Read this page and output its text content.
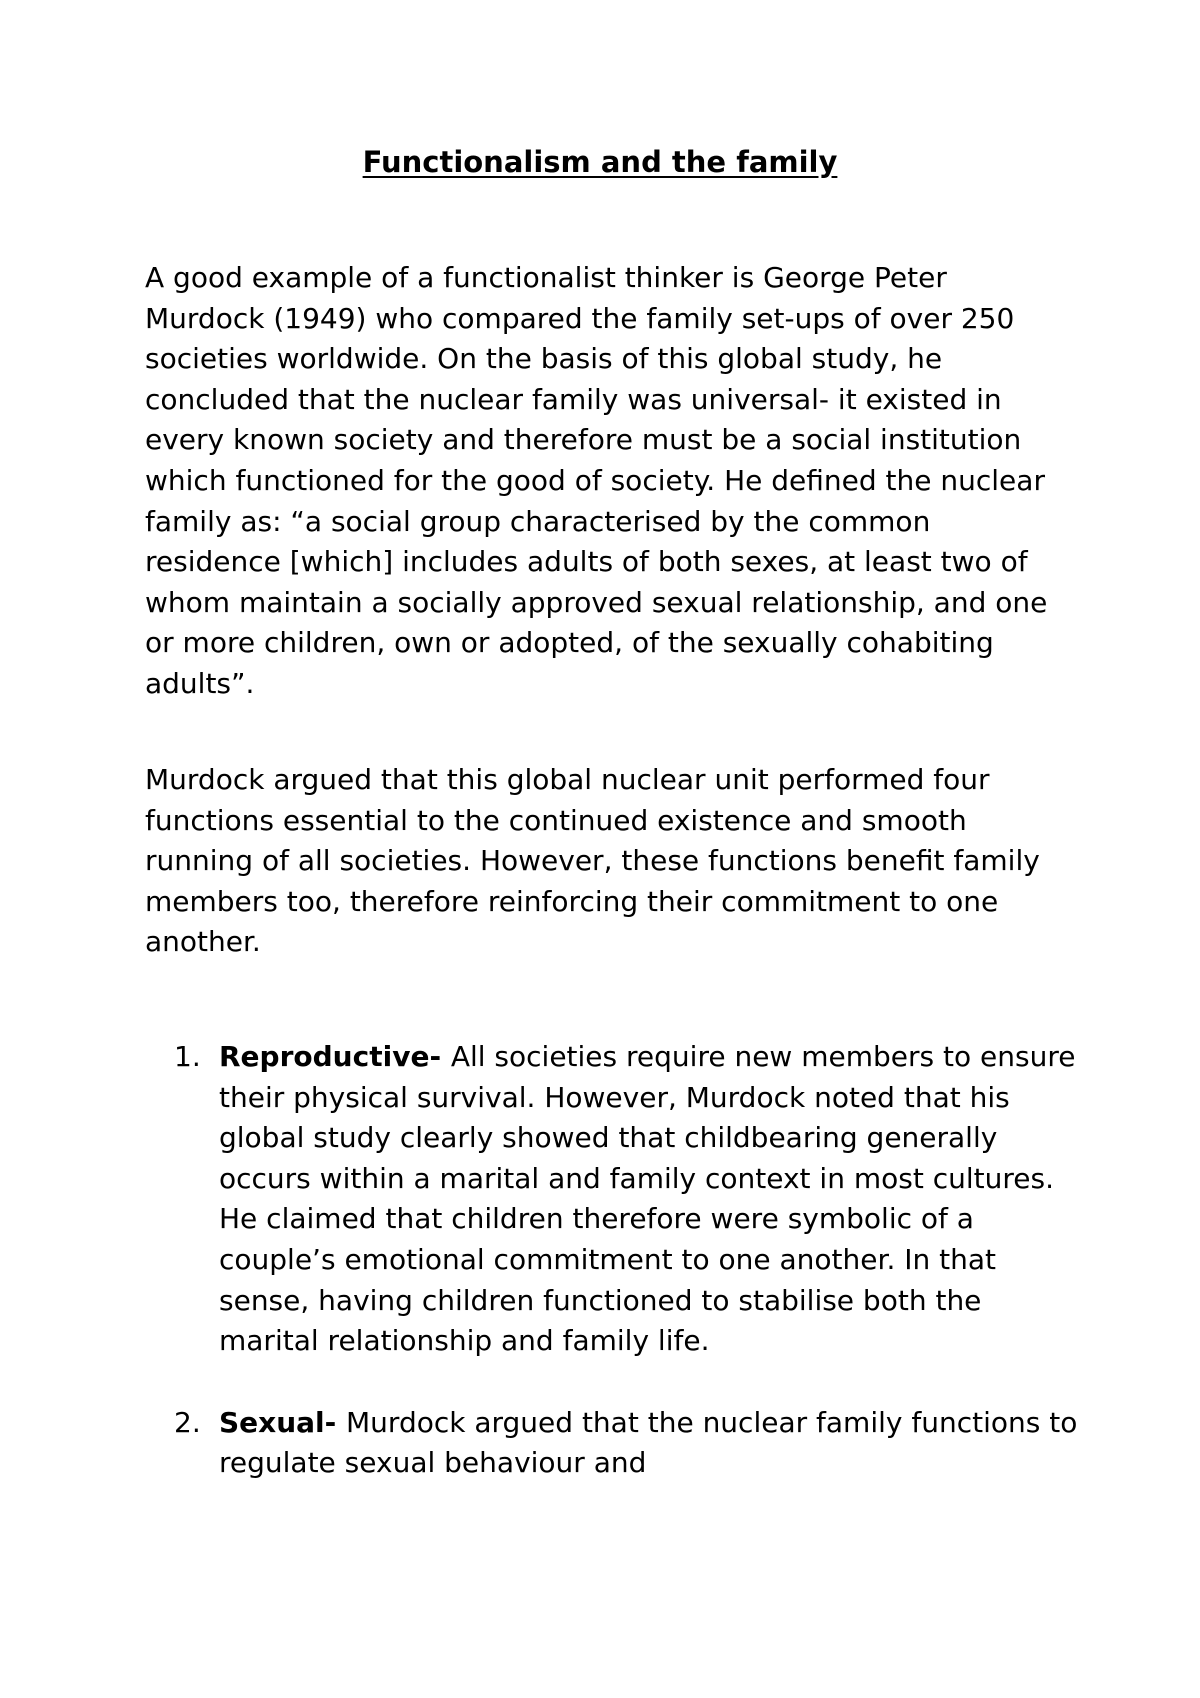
Functionalism and the family

A good example of a functionalist thinker is George Peter Murdock (1949) who compared the family set-ups of over 250 societies worldwide. On the basis of this global study, he concluded that the nuclear family was universal- it existed in every known society and therefore must be a social institution which functioned for the good of society. He defined the nuclear family as: “a social group characterised by the common residence [which] includes adults of both sexes, at least two of whom maintain a socially approved sexual relationship, and one or more children, own or adopted, of the sexually cohabiting adults”.

Murdock argued that this global nuclear unit performed four functions essential to the continued existence and smooth running of all societies. However, these functions benefit family members too, therefore reinforcing their commitment to one another.

1. Reproductive- All societies require new members to ensure their physical survival. However, Murdock noted that his global study clearly showed that childbearing generally occurs within a marital and family context in most cultures. He claimed that children therefore were symbolic of a couple’s emotional commitment to one another. In that sense, having children functioned to stabilise both the marital relationship and family life.
2. Sexual- Murdock argued that the nuclear family functions to regulate sexual behaviour and
